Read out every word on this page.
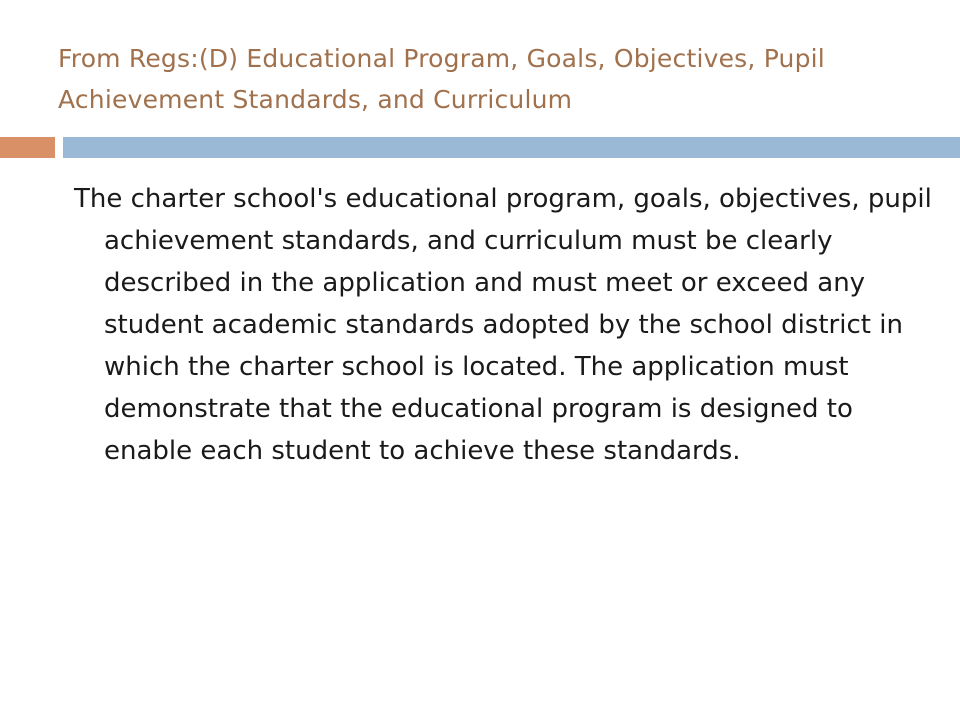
From Regs:(D) Educational Program, Goals, Objectives, Pupil Achievement Standards, and Curriculum

The charter school's educational program, goals, objectives, pupil achievement standards, and curriculum must be clearly described in the application and must meet or exceed any student academic standards adopted by the school district in which the charter school is located. The application must demonstrate that the educational program is designed to enable each student to achieve these standards.
